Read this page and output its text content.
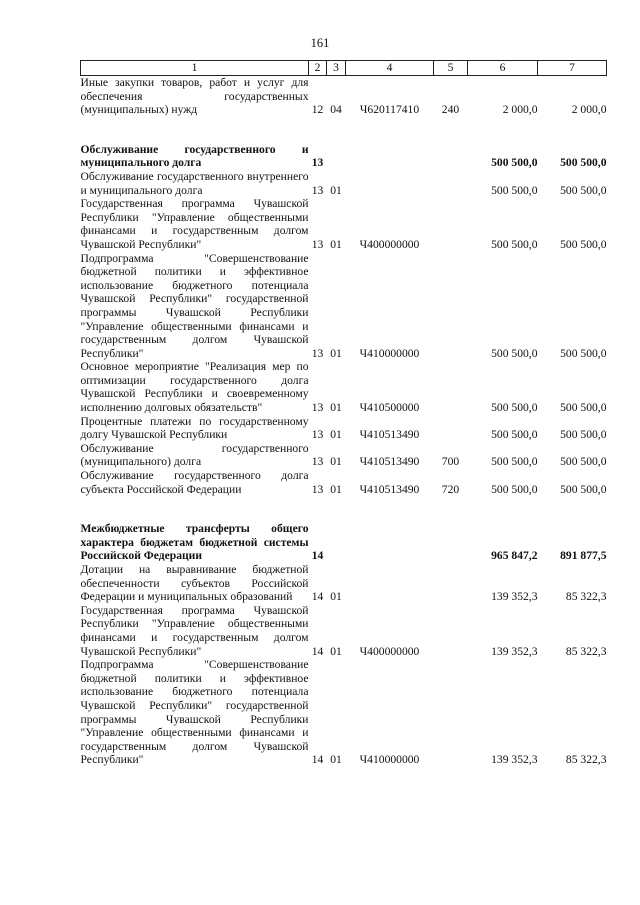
161
1	2	3	4	5	6	7
Иные закупки товаров, работ и услуг для обеспечения государственных (муниципальных) нужд	12	04	Ч620117410	240	2 000,0	2 000,0

Обслуживание государственного и муниципального долга	13				500 500,0	500 500,0
Обслуживание государственного внутреннего и муниципального долга	13	01			500 500,0	500 500,0
Государственная программа Чувашской Республики "Управление общественными финансами и государственным долгом Чувашской Республики"	13	01	Ч400000000		500 500,0	500 500,0
Подпрограмма "Совершенствование бюджетной политики и эффективное использование бюджетного потенциала Чувашской Республики" государственной программы Чувашской Республики "Управление общественными финансами и государственным долгом Чувашской Республики"	13	01	Ч410000000		500 500,0	500 500,0
Основное мероприятие "Реализация мер по оптимизации государственного долга Чувашской Республики и своевременному исполнению долговых обязательств"	13	01	Ч410500000		500 500,0	500 500,0
Процентные платежи по государственному долгу Чувашской Республики	13	01	Ч410513490		500 500,0	500 500,0
Обслуживание государственного (муниципального) долга	13	01	Ч410513490	700	500 500,0	500 500,0
Обслуживание государственного долга субъекта Российской Федерации	13	01	Ч410513490	720	500 500,0	500 500,0

Межбюджетные трансферты общего характера бюджетам бюджетной системы Российской Федерации	14				965 847,2	891 877,5
Дотации на выравнивание бюджетной обеспеченности субъектов Российской Федерации и муниципальных образований	14	01			139 352,3	85 322,3
Государственная программа Чувашской Республики "Управление общественными финансами и государственным долгом Чувашской Республики"	14	01	Ч400000000		139 352,3	85 322,3
Подпрограмма "Совершенствование бюджетной политики и эффективное использование бюджетного потенциала Чувашской Республики" государственной программы Чувашской Республики "Управление общественными финансами и государственным долгом Чувашской Республики"	14	01	Ч410000000		139 352,3	85 322,3
